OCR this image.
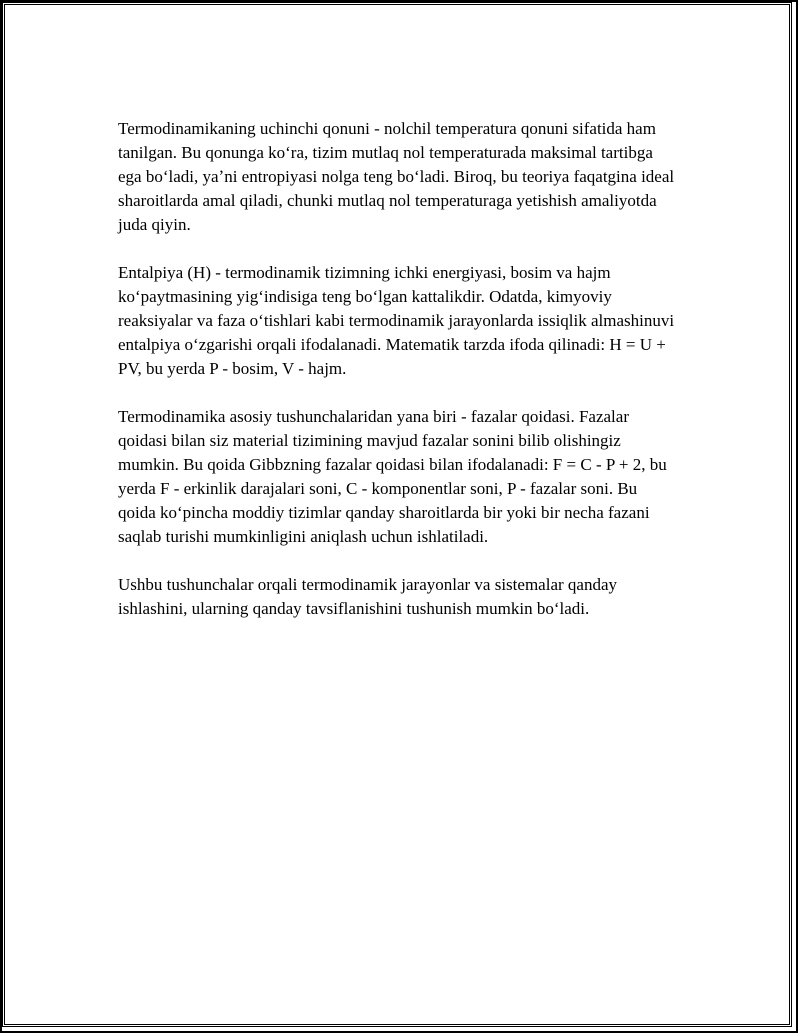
Termodinamikaning uchinchi qonuni - nolchil temperatura qonuni sifatida ham tanilgan. Bu qonunga koʻra, tizim mutlaq nol temperaturada maksimal tartibga ega boʻladi, yaʼni entropiyasi nolga teng boʻladi. Biroq, bu teoriya faqatgina ideal sharoitlarda amal qiladi, chunki mutlaq nol temperaturaga yetishish amaliyotda juda qiyin.

Entalpiya (H) - termodinamik tizimning ichki energiyasi, bosim va hajm koʻpaytmasining yigʻindisiga teng boʻlgan kattalikdir. Odatda, kimyoviy reaksiyalar va faza oʻtishlari kabi termodinamik jarayonlarda issiqlik almashinuvi entalpiya oʻzgarishi orqali ifodalanadi. Matematik tarzda ifoda qilinadi: H = U + PV, bu yerda P - bosim, V - hajm.

Termodinamika asosiy tushunchalaridan yana biri - fazalar qoidasi. Fazalar qoidasi bilan siz material tizimining mavjud fazalar sonini bilib olishingiz mumkin. Bu qoida Gibbzning fazalar qoidasi bilan ifodalanadi: F = C - P + 2, bu yerda F - erkinlik darajalari soni, C - komponentlar soni, P - fazalar soni. Bu qoida koʻpincha moddiy tizimlar qanday sharoitlarda bir yoki bir necha fazani saqlab turishi mumkinligini aniqlash uchun ishlatiladi.

Ushbu tushunchalar orqali termodinamik jarayonlar va sistemalar qanday ishlashini, ularning qanday tavsiflanishini tushunish mumkin boʻladi.
